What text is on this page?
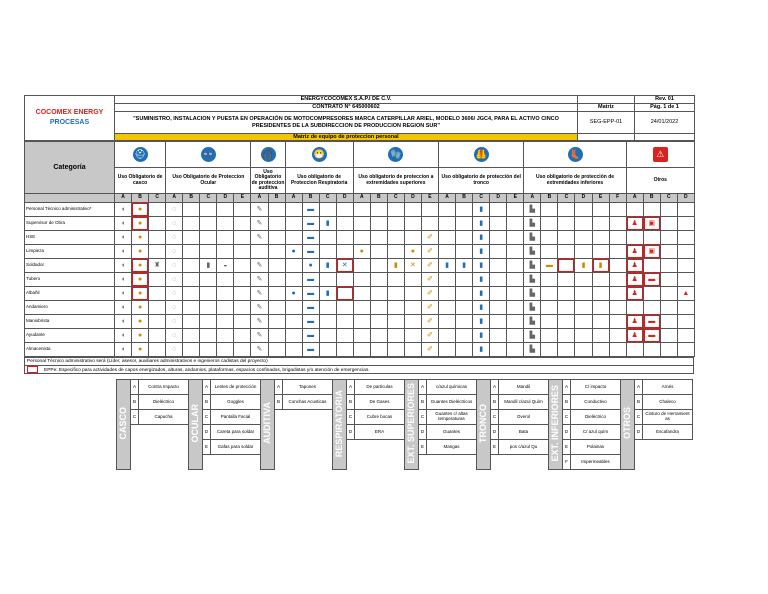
COCOMEX ENERGY
PROCESAS	ENERGYCOCOMEX S.A.P.I DE C.V.		Rev. 01
	CONTRATO N° 645000602	Matriz	Pág. 1 de 1
	"SUMINISTRO, INSTALACION Y PUESTA EN OPERACIÓN DE MOTOCOMPRESORES MARCA CATERPILLAR ARIEL, MODELO 3606/ JGC4, PARA EL ACTIVO CINCO PRESIDENTES DE LA SUBDIRECCION DE PRODUCCION REGION SUR"	SEG-EPP-01	24/01/2022
	Matriz de equipo de proteccion personal		
Categoría	⛑			👓					🎧		😷				🧤					🦺					👢						⚠			
	Uso Obligatorio de casco			Uso Obligatorio de Proteccion Ocular					Uso Obligatorio de proteccion auditiva		Uso obligatorio de Proteccion Respiratoria				Uso obligatorio de proteccion a extremidades superiores					Uso obligatorio de protección del tronco					Uso obligatorio de protección de extremidades inferiores						Otros			
	A	B	C	A	B	C	D	E	A	B	A	B	C	D	A	B	C	D	E	A	B	C	D	E	A	B	C	D	E	F	A	B	C	D
Personal Técnico administrativo*	◖	●		◌					✎			▬										▮			▙									
Supervisor de Obra	◖	●		◌					✎			▬	▮									▮			▙						♟	▣		
HSE	◖	●		◌					✎			▬							✐			▮			▙									
Limpieza	◖	●		◌							●	▬			●			●	✐			▮			▙						♟	▣		
Soldador	◖	●	♜	◌		▮	◒		✎			●	▮	✕			▮	✕	✐	▮	▮	▮			▙	▬		▮	▮		♟			
Tubero	◖	●		◌					✎			▬							✐			▮			▙						♟	▬		
Albañil	◖	●		◌					✎		●	▬	▮						✐			▮			▙						♟			▲
Andamiero	◖	●		◌					✎			▬							✐			▮			▙									
Maniobrista	◖	●		◌					✎			▬							✐			▮			▙						♟	▬		
Ayudante	◖	●		◌					✎			▬							✐			▮			▙						♟	▬		
Almacenista	◖	●		◌					✎			▬							✐			▮			▙									
Personal Técnico administrativo será (Líder, asesor, auxiliares administrativos e ingenieros cadistas del proyecto)
EPPe: Especifico para actividades de capos energizados, alturas, andamios, plataformas, espacios confinados, brigadistas y/o atención de emergencias.
CASCO	A	Contra Impacto	OCULAR	A	Lentes de protección	AUDITIVA	A	Tapones	RESPIRATORIA	A	De particulas	EXT. SUPERIORES	A	c/azul químicas	TRONCO	A	Mandil	EXT. INFERIORES	A	C/ impacto	OTROS	A	Arnés
	B	Dieléctrico		B	Goggles		B	Conchas Acusticas		B	De Gases		B	Guantes Dieléctricos		B	Mandil c/azul Quím		B	Conductivo		B	Chaleco
	C	Capucha		C	Pantalla Facial					C	Cubre bocas		C	Guantes c/ altas temperaturas		C	Overol		C	Dieléctrico		C	Cinturo de Herramient as
				D	Careta para soldar					D	ERA		D	Guantes		D	Bata		D	C/ azul quím		D	Escafandra
				E	Gafas para soldar								E	Mangas		E	pos c/azul Qu		E	Polainas			
																			F	Impermeables			
